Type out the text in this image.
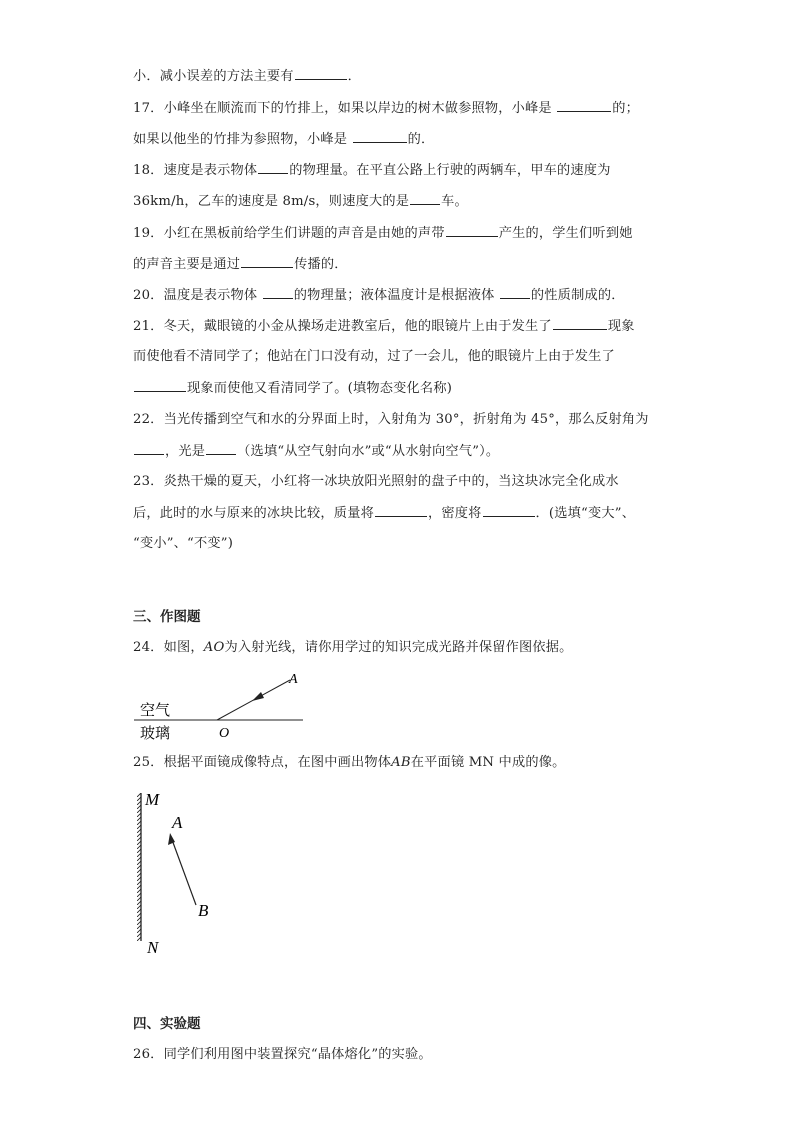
小．减小误差的方法主要有	．
17．小峰坐在顺流而下的竹排上，如果以岸边的树木做参照物，小峰是	的；
如果以他坐的竹排为参照物，小峰是	的．
18．速度是表示物体 的物理量。在平直公路上行驶的两辆车，甲车的速度为
36km/h，乙车的速度是 8m/s，则速度大的是 车。
19．小红在黑板前给学生们讲题的声音是由她的声带	产生的，学生们听到她
的声音主要是通过	传播的．
20．温度是表示物体	的物理量；液体温度计是根据液体	的性质制成的．
21．冬天，戴眼镜的小金从操场走进教室后，他的眼镜片上由于发生了	现象
而使他看不清同学了；他站在门口没有动，过了一会儿，他的眼镜片上由于发生了
现象而使他又看清同学了。(填物态变化名称)
22．当光传播到空气和水的分界面上时，入射角为 30°，折射角为 45°，那么反射角为
，光是 （选填“从空气射向水”或“从水射向空气”）。
23．炎热干燥的夏天，小红将一冰块放阳光照射的盘子中的，当这块冰完全化成水
后，此时的水与原来的冰块比较，质量将	，密度将	．(选填“变大”、
“变小”、“不变”)
三、作图题
24．如图，AO为入射光线，请你用学过的知识完成光路并保留作图依据。
A
O
空气
玻璃
25．根据平面镜成像特点，在图中画出物体AB在平面镜 MN 中成的像。
M
N
A
B
四、实验题
26．同学们利用图中装置探究“晶体熔化”的实验。
